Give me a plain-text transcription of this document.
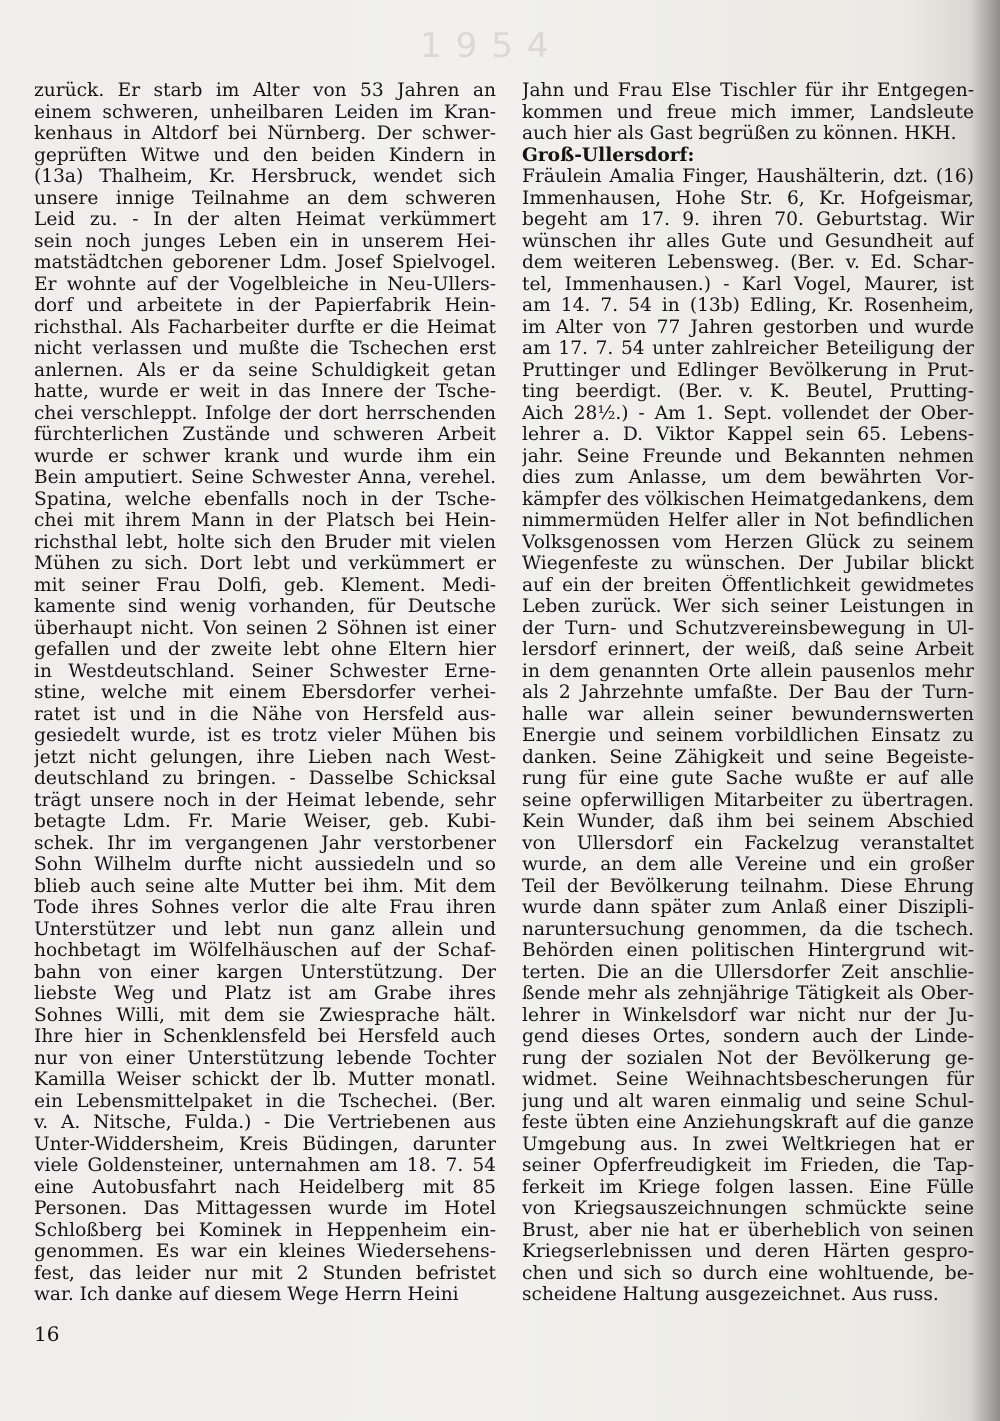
1954
zurück. Er starb im Alter von 53 Jahren an
einem schweren, unheilbaren Leiden im Kran-
kenhaus in Altdorf bei Nürnberg. Der schwer-
geprüften Witwe und den beiden Kindern in
(13a) Thalheim, Kr. Hersbruck, wendet sich
unsere innige Teilnahme an dem schweren
Leid zu. - In der alten Heimat verkümmert
sein noch junges Leben ein in unserem Hei-
matstädtchen geborener Ldm. Josef Spielvogel.
Er wohnte auf der Vogelbleiche in Neu-Ullers-
dorf und arbeitete in der Papierfabrik Hein-
richsthal. Als Facharbeiter durfte er die Heimat
nicht verlassen und mußte die Tschechen erst
anlernen. Als er da seine Schuldigkeit getan
hatte, wurde er weit in das Innere der Tsche-
chei verschleppt. Infolge der dort herrschenden
fürchterlichen Zustände und schweren Arbeit
wurde er schwer krank und wurde ihm ein
Bein amputiert. Seine Schwester Anna, verehel.
Spatina, welche ebenfalls noch in der Tsche-
chei mit ihrem Mann in der Platsch bei Hein-
richsthal lebt, holte sich den Bruder mit vielen
Mühen zu sich. Dort lebt und verkümmert er
mit seiner Frau Dolfi, geb. Klement. Medi-
kamente sind wenig vorhanden, für Deutsche
überhaupt nicht. Von seinen 2 Söhnen ist einer
gefallen und der zweite lebt ohne Eltern hier
in Westdeutschland. Seiner Schwester Erne-
stine, welche mit einem Ebersdorfer verhei-
ratet ist und in die Nähe von Hersfeld aus-
gesiedelt wurde, ist es trotz vieler Mühen bis
jetzt nicht gelungen, ihre Lieben nach West-
deutschland zu bringen. - Dasselbe Schicksal
trägt unsere noch in der Heimat lebende, sehr
betagte Ldm. Fr. Marie Weiser, geb. Kubi-
schek. Ihr im vergangenen Jahr verstorbener
Sohn Wilhelm durfte nicht aussiedeln und so
blieb auch seine alte Mutter bei ihm. Mit dem
Tode ihres Sohnes verlor die alte Frau ihren
Unterstützer und lebt nun ganz allein und
hochbetagt im Wölfelhäuschen auf der Schaf-
bahn von einer kargen Unterstützung. Der
liebste Weg und Platz ist am Grabe ihres
Sohnes Willi, mit dem sie Zwiesprache hält.
Ihre hier in Schenklensfeld bei Hersfeld auch
nur von einer Unterstützung lebende Tochter
Kamilla Weiser schickt der lb. Mutter monatl.
ein Lebensmittelpaket in die Tschechei. (Ber.
v. A. Nitsche, Fulda.) - Die Vertriebenen aus
Unter-Widdersheim, Kreis Büdingen, darunter
viele Goldensteiner, unternahmen am 18. 7. 54
eine Autobusfahrt nach Heidelberg mit 85
Personen. Das Mittagessen wurde im Hotel
Schloßberg bei Kominek in Heppenheim ein-
genommen. Es war ein kleines Wiedersehens-
fest, das leider nur mit 2 Stunden befristet
war. Ich danke auf diesem Wege Herrn Heini
Jahn und Frau Else Tischler für ihr Entgegen-
kommen und freue mich immer, Landsleute
auch hier als Gast begrüßen zu können. HKH.
Groß-Ullersdorf:
Fräulein Amalia Finger, Haushälterin, dzt. (16)
Immenhausen, Hohe Str. 6, Kr. Hofgeismar,
begeht am 17. 9. ihren 70. Geburtstag. Wir
wünschen ihr alles Gute und Gesundheit auf
dem weiteren Lebensweg. (Ber. v. Ed. Schar-
tel, Immenhausen.) - Karl Vogel, Maurer, ist
am 14. 7. 54 in (13b) Edling, Kr. Rosenheim,
im Alter von 77 Jahren gestorben und wurde
am 17. 7. 54 unter zahlreicher Beteiligung der
Pruttinger und Edlinger Bevölkerung in Prut-
ting beerdigt. (Ber. v. K. Beutel, Prutting-
Aich 28½.) - Am 1. Sept. vollendet der Ober-
lehrer a. D. Viktor Kappel sein 65. Lebens-
jahr. Seine Freunde und Bekannten nehmen
dies zum Anlasse, um dem bewährten Vor-
kämpfer des völkischen Heimatgedankens, dem
nimmermüden Helfer aller in Not befindlichen
Volksgenossen vom Herzen Glück zu seinem
Wiegenfeste zu wünschen. Der Jubilar blickt
auf ein der breiten Öffentlichkeit gewidmetes
Leben zurück. Wer sich seiner Leistungen in
der Turn- und Schutzvereinsbewegung in Ul-
lersdorf erinnert, der weiß, daß seine Arbeit
in dem genannten Orte allein pausenlos mehr
als 2 Jahrzehnte umfaßte. Der Bau der Turn-
halle war allein seiner bewundernswerten
Energie und seinem vorbildlichen Einsatz zu
danken. Seine Zähigkeit und seine Begeiste-
rung für eine gute Sache wußte er auf alle
seine opferwilligen Mitarbeiter zu übertragen.
Kein Wunder, daß ihm bei seinem Abschied
von Ullersdorf ein Fackelzug veranstaltet
wurde, an dem alle Vereine und ein großer
Teil der Bevölkerung teilnahm. Diese Ehrung
wurde dann später zum Anlaß einer Diszipli-
naruntersuchung genommen, da die tschech.
Behörden einen politischen Hintergrund wit-
terten. Die an die Ullersdorfer Zeit anschlie-
ßende mehr als zehnjährige Tätigkeit als Ober-
lehrer in Winkelsdorf war nicht nur der Ju-
gend dieses Ortes, sondern auch der Linde-
rung der sozialen Not der Bevölkerung ge-
widmet. Seine Weihnachtsbescherungen für
jung und alt waren einmalig und seine Schul-
feste übten eine Anziehungskraft auf die ganze
Umgebung aus. In zwei Weltkriegen hat er
seiner Opferfreudigkeit im Frieden, die Tap-
ferkeit im Kriege folgen lassen. Eine Fülle
von Kriegsauszeichnungen schmückte seine
Brust, aber nie hat er überheblich von seinen
Kriegserlebnissen und deren Härten gespro-
chen und sich so durch eine wohltuende, be-
scheidene Haltung ausgezeichnet. Aus russ.
16
